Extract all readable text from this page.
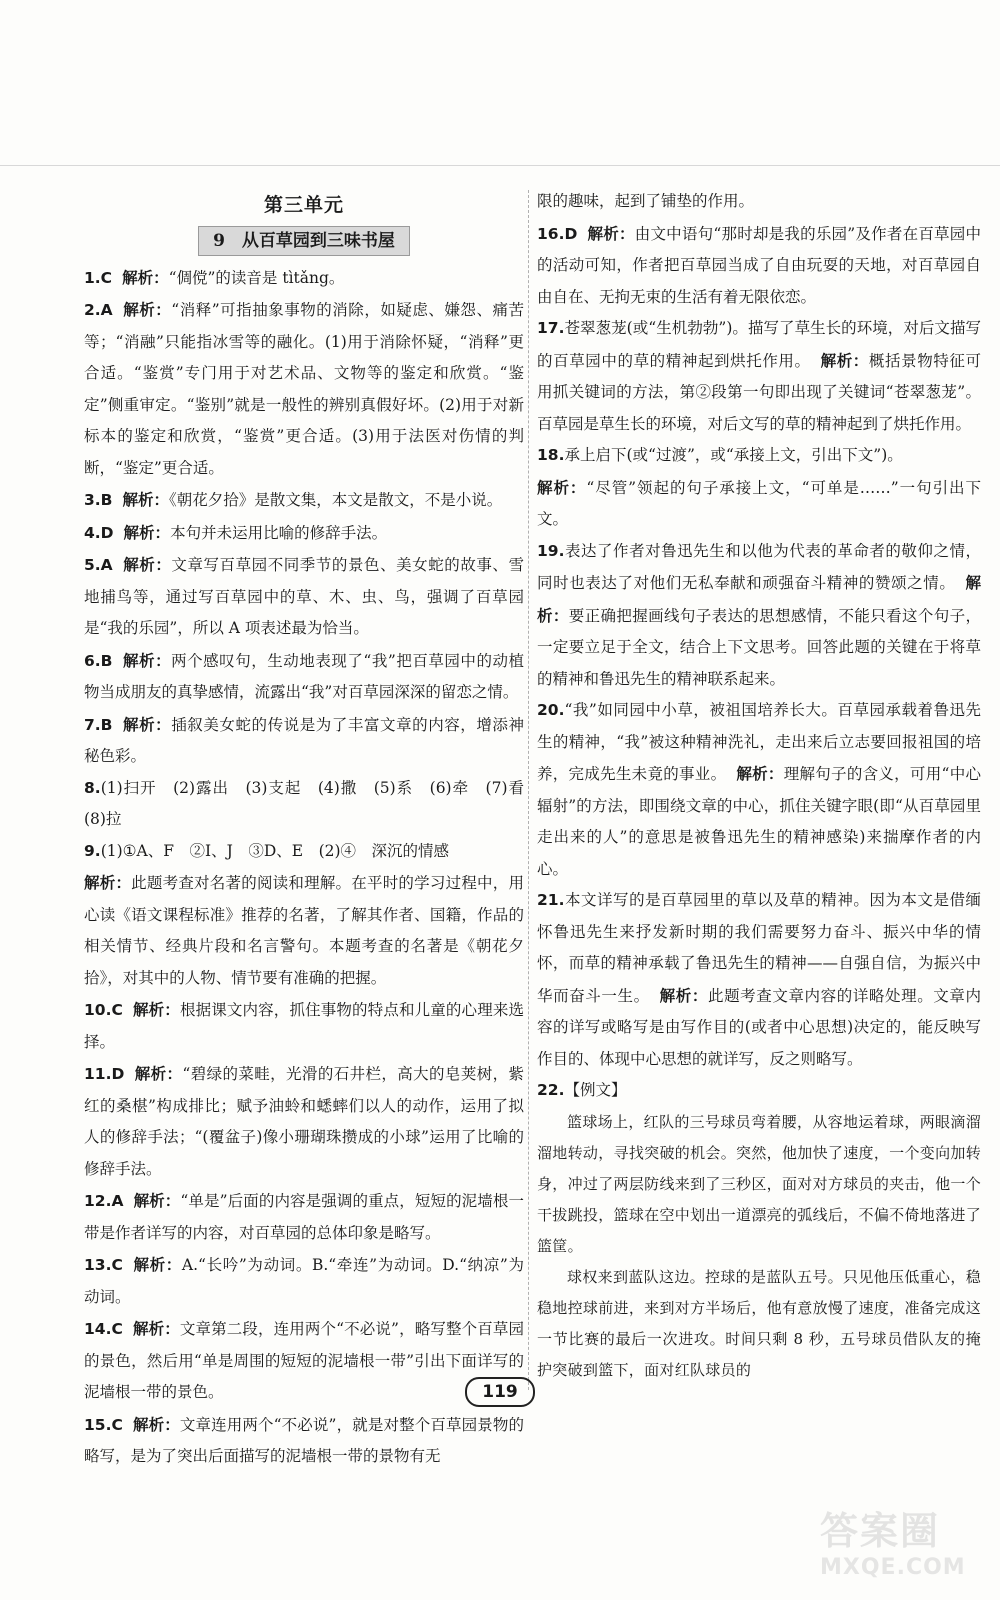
第三单元
9　从百草园到三味书屋

1.C 解析：“倜傥”的读音是 tìtǎng。

2.A 解析：“消释”可指抽象事物的消除，如疑虑、嫌怨、痛苦等；“消融”只能指冰雪等的融化。(1)用于消除怀疑，“消释”更合适。“鉴赏”专门用于对艺术品、文物等的鉴定和欣赏。“鉴定”侧重审定。“鉴别”就是一般性的辨别真假好坏。(2)用于对新标本的鉴定和欣赏，“鉴赏”更合适。(3)用于法医对伤情的判断，“鉴定”更合适。

3.B 解析：《朝花夕拾》是散文集，本文是散文，不是小说。

4.D 解析：本句并未运用比喻的修辞手法。

5.A 解析：文章写百草园不同季节的景色、美女蛇的故事、雪地捕鸟等，通过写百草园中的草、木、虫、鸟，强调了百草园是“我的乐园”，所以 A 项表述最为恰当。

6.B 解析：两个感叹句，生动地表现了“我”把百草园中的动植物当成朋友的真挚感情，流露出“我”对百草园深深的留恋之情。

7.B 解析：插叙美女蛇的传说是为了丰富文章的内容，增添神秘色彩。

8.(1)扫开　(2)露出　(3)支起　(4)撒　(5)系　(6)牵　(7)看　(8)拉

9.(1)①A、F　②I、J　③D、E　(2)④　深沉的情感

解析：此题考查对名著的阅读和理解。在平时的学习过程中，用心读《语文课程标准》推荐的名著，了解其作者、国籍，作品的相关情节、经典片段和名言警句。本题考查的名著是《朝花夕拾》，对其中的人物、情节要有准确的把握。

10.C 解析：根据课文内容，抓住事物的特点和儿童的心理来选择。

11.D 解析：“碧绿的菜畦，光滑的石井栏，高大的皂荚树，紫红的桑椹”构成排比；赋予油蛉和蟋蟀们以人的动作，运用了拟人的修辞手法；“(覆盆子)像小珊瑚珠攒成的小球”运用了比喻的修辞手法。

12.A 解析：“单是”后面的内容是强调的重点，短短的泥墙根一带是作者详写的内容，对百草园的总体印象是略写。

13.C 解析：A.“长吟”为动词。B.“牵连”为动词。D.“纳凉”为动词。

14.C 解析：文章第二段，连用两个“不必说”，略写整个百草园的景色，然后用“单是周围的短短的泥墙根一带”引出下面详写的泥墙根一带的景色。

15.C 解析：文章连用两个“不必说”，就是对整个百草园景物的略写，是为了突出后面描写的泥墙根一带的景物有无

限的趣味，起到了铺垫的作用。

16.D 解析：由文中语句“那时却是我的乐园”及作者在百草园中的活动可知，作者把百草园当成了自由玩耍的天地，对百草园自由自在、无拘无束的生活有着无限依恋。

17.苍翠葱茏(或“生机勃勃”)。描写了草生长的环境，对后文描写的百草园中的草的精神起到烘托作用。 解析：概括景物特征可用抓关键词的方法，第②段第一句即出现了关键词“苍翠葱茏”。百草园是草生长的环境，对后文写的草的精神起到了烘托作用。

18.承上启下(或“过渡”，或“承接上文，引出下文”)。

解析：“尽管”领起的句子承接上文，“可单是……”一句引出下文。

19.表达了作者对鲁迅先生和以他为代表的革命者的敬仰之情，同时也表达了对他们无私奉献和顽强奋斗精神的赞颂之情。 解析：要正确把握画线句子表达的思想感情，不能只看这个句子，一定要立足于全文，结合上下文思考。回答此题的关键在于将草的精神和鲁迅先生的精神联系起来。

20.“我”如同园中小草，被祖国培养长大。百草园承载着鲁迅先生的精神，“我”被这种精神洗礼，走出来后立志要回报祖国的培养，完成先生未竟的事业。 解析：理解句子的含义，可用“中心辐射”的方法，即围绕文章的中心，抓住关键字眼(即“从百草园里走出来的人”的意思是被鲁迅先生的精神感染)来揣摩作者的内心。

21.本文详写的是百草园里的草以及草的精神。因为本文是借缅怀鲁迅先生来抒发新时期的我们需要努力奋斗、振兴中华的情怀，而草的精神承载了鲁迅先生的精神——自强自信，为振兴中华而奋斗一生。 解析：此题考查文章内容的详略处理。文章内容的详写或略写是由写作目的(或者中心思想)决定的，能反映写作目的、体现中心思想的就详写，反之则略写。

22.【例文】

篮球场上，红队的三号球员弯着腰，从容地运着球，两眼滴溜溜地转动，寻找突破的机会。突然，他加快了速度，一个变向加转身，冲过了两层防线来到了三秒区，面对对方球员的夹击，他一个干拔跳投，篮球在空中划出一道漂亮的弧线后，不偏不倚地落进了篮筐。

球权来到蓝队这边。控球的是蓝队五号。只见他压低重心，稳稳地控球前进，来到对方半场后，他有意放慢了速度，准备完成这一节比赛的最后一次进攻。时间只剩 8 秒，五号球员借队友的掩护突破到篮下，面对红队球员的

119
答案圈
MXQE.COM
